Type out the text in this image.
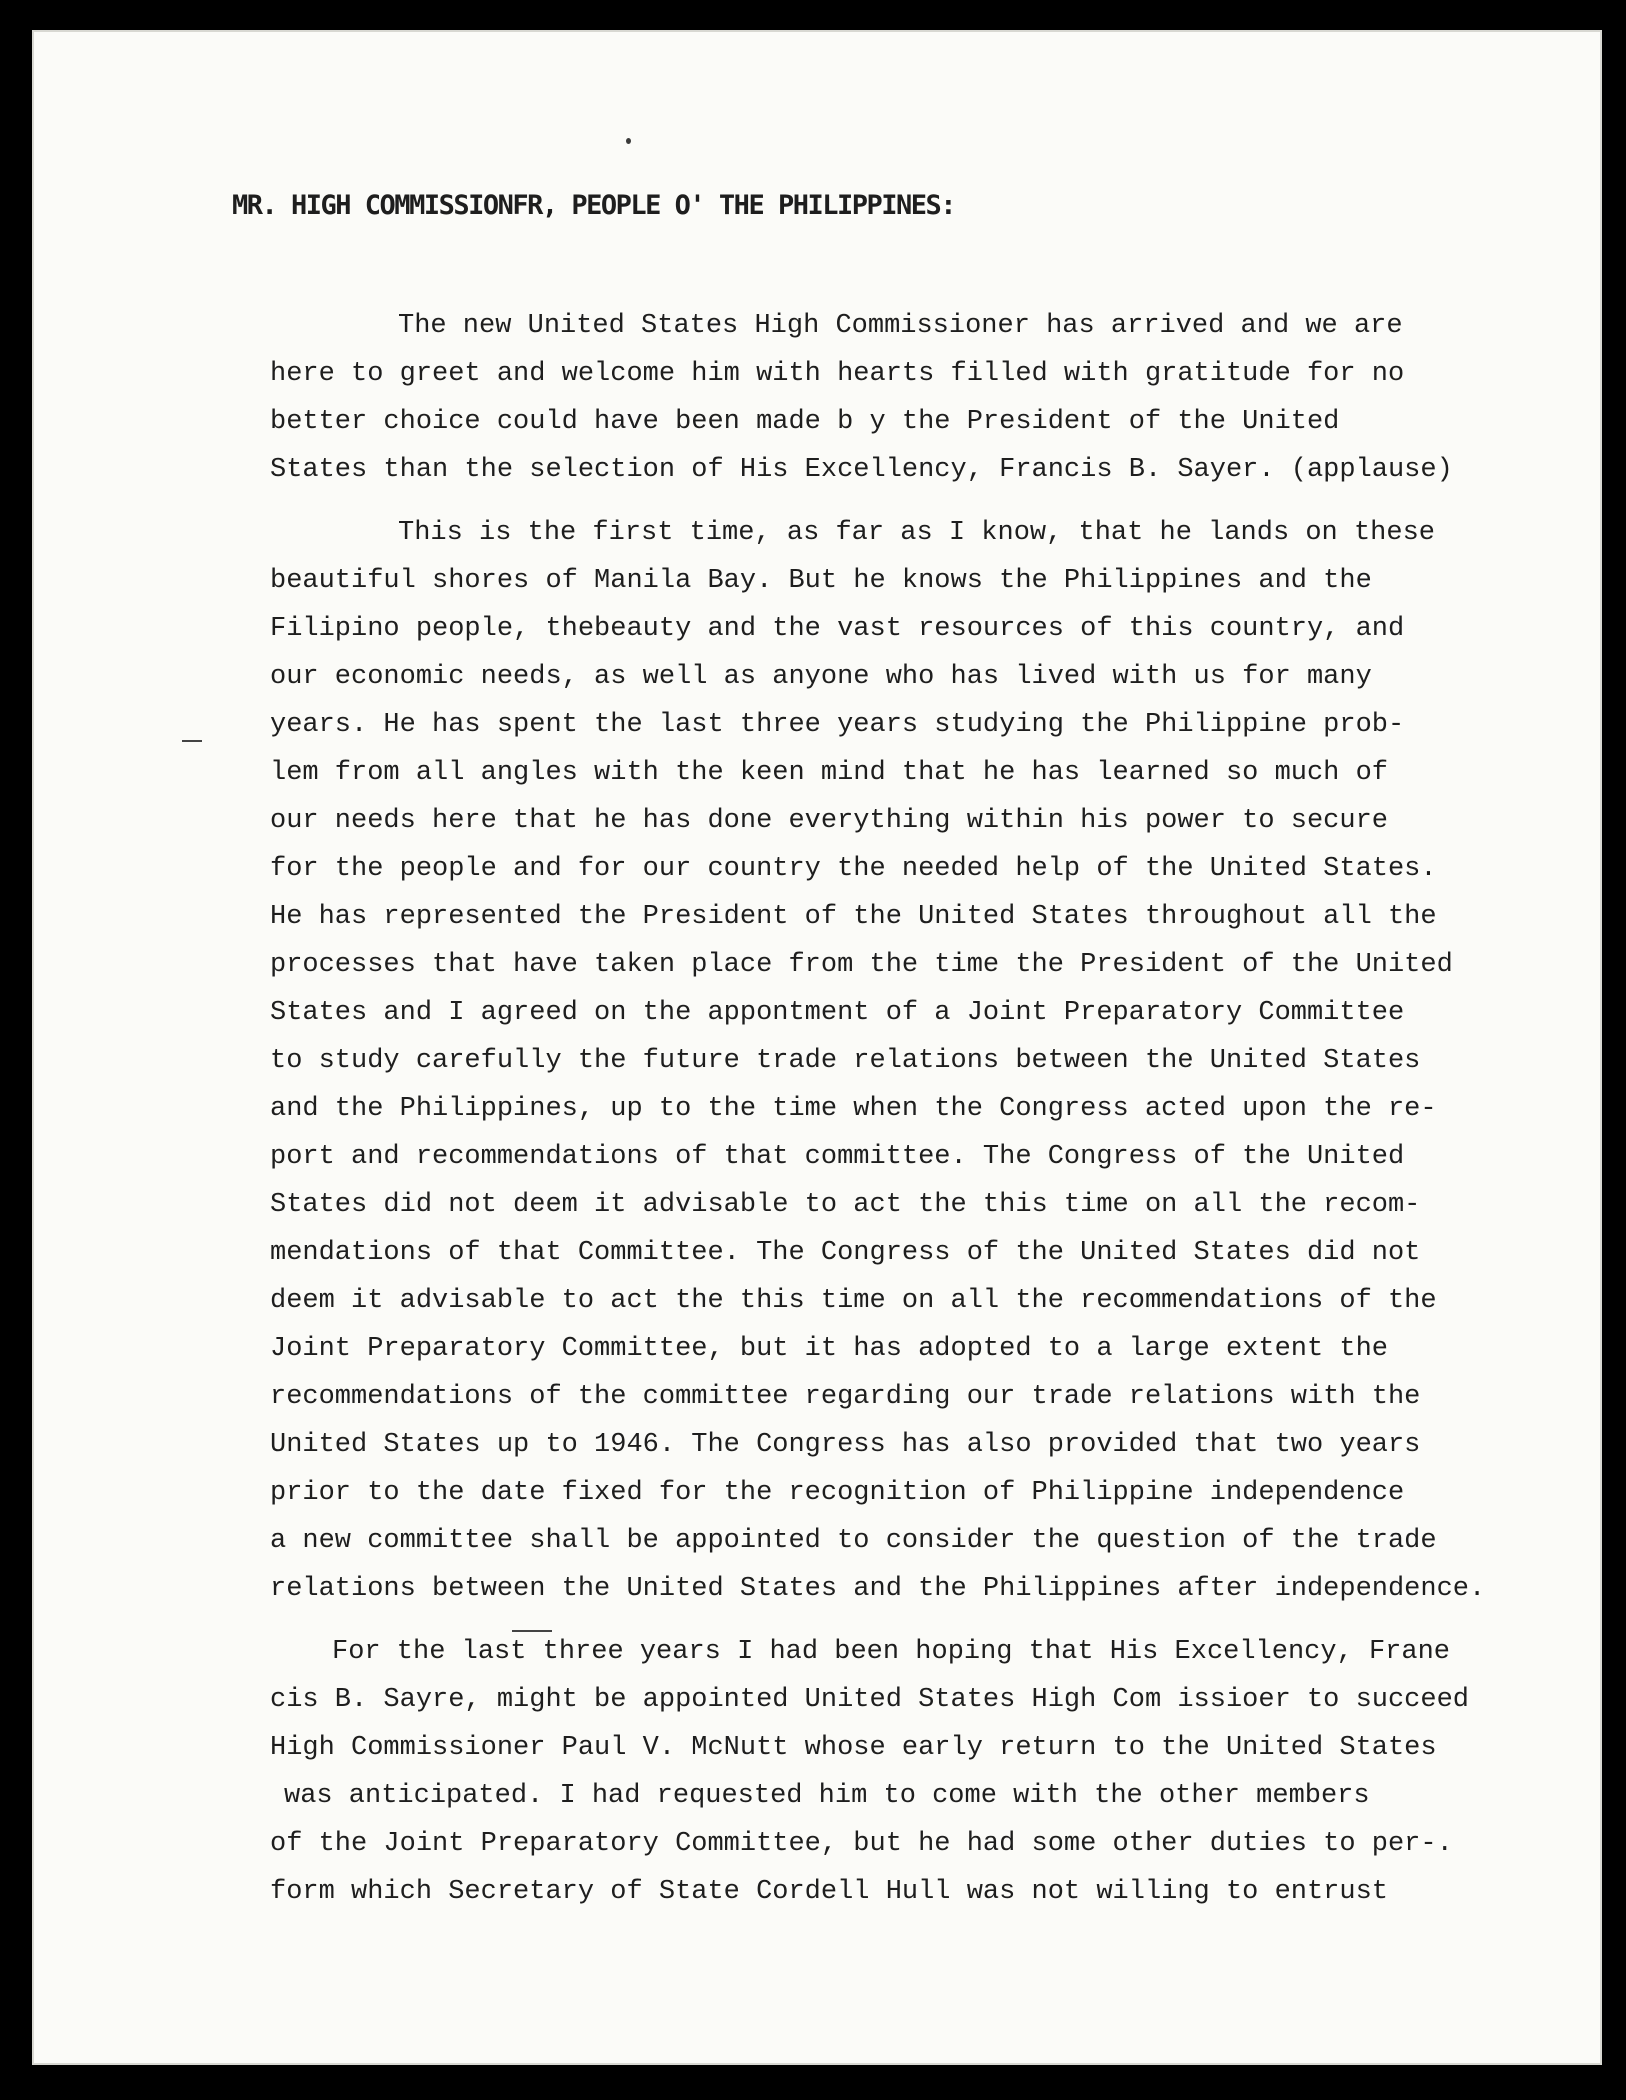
MR. HIGH COMMISSIONFR, PEOPLE O' THE PHILIPPINES:

The new United States High Commissioner has arrived and we are
here to greet and welcome him with hearts filled with gratitude for no
better choice could have been made b y the President of the United
States than the selection of His Excellency, Francis B. Sayer. (applause)

This is the first time, as far as I know, that he lands on these
beautiful shores of Manila Bay. But he knows the Philippines and the
Filipino people, thebeauty and the vast resources of this country, and
our economic needs, as well as anyone who has lived with us for many
years. He has spent the last three years studying the Philippine prob-
lem from all angles with the keen mind that he has learned so much of
our needs here that he has done everything within his power to secure
for the people and for our country the needed help of the United States.
He has represented the President of the United States throughout all the
processes that have taken place from the time the President of the United
States and I agreed on the appontment of a Joint Preparatory Committee
to study carefully the future trade relations between the United States
and the Philippines, up to the time when the Congress acted upon the re-
port and recommendations of that committee. The Congress of the United
States did not deem it advisable to act the this time on all the recom-
mendations of that Committee. The Congress of the United States did not
deem it advisable to act the this time on all the recommendations of the
Joint Preparatory Committee, but it has adopted to a large extent the
recommendations of the committee regarding our trade relations with the
United States up to 1946. The Congress has also provided that two years
prior to the date fixed for the recognition of Philippine independence
a new committee shall be appointed to consider the question of the trade
relations between the United States and the Philippines after independence.

For the last three years I had been hoping that His Excellency, Frane
cis B. Sayre, might be appointed United States High Com issioer to succeed
High Commissioner Paul V. McNutt whose early return to the United States
was anticipated. I had requested him to come with the other members
of the Joint Preparatory Committee, but he had some other duties to per-.
form which Secretary of State Cordell Hull was not willing to entrust
